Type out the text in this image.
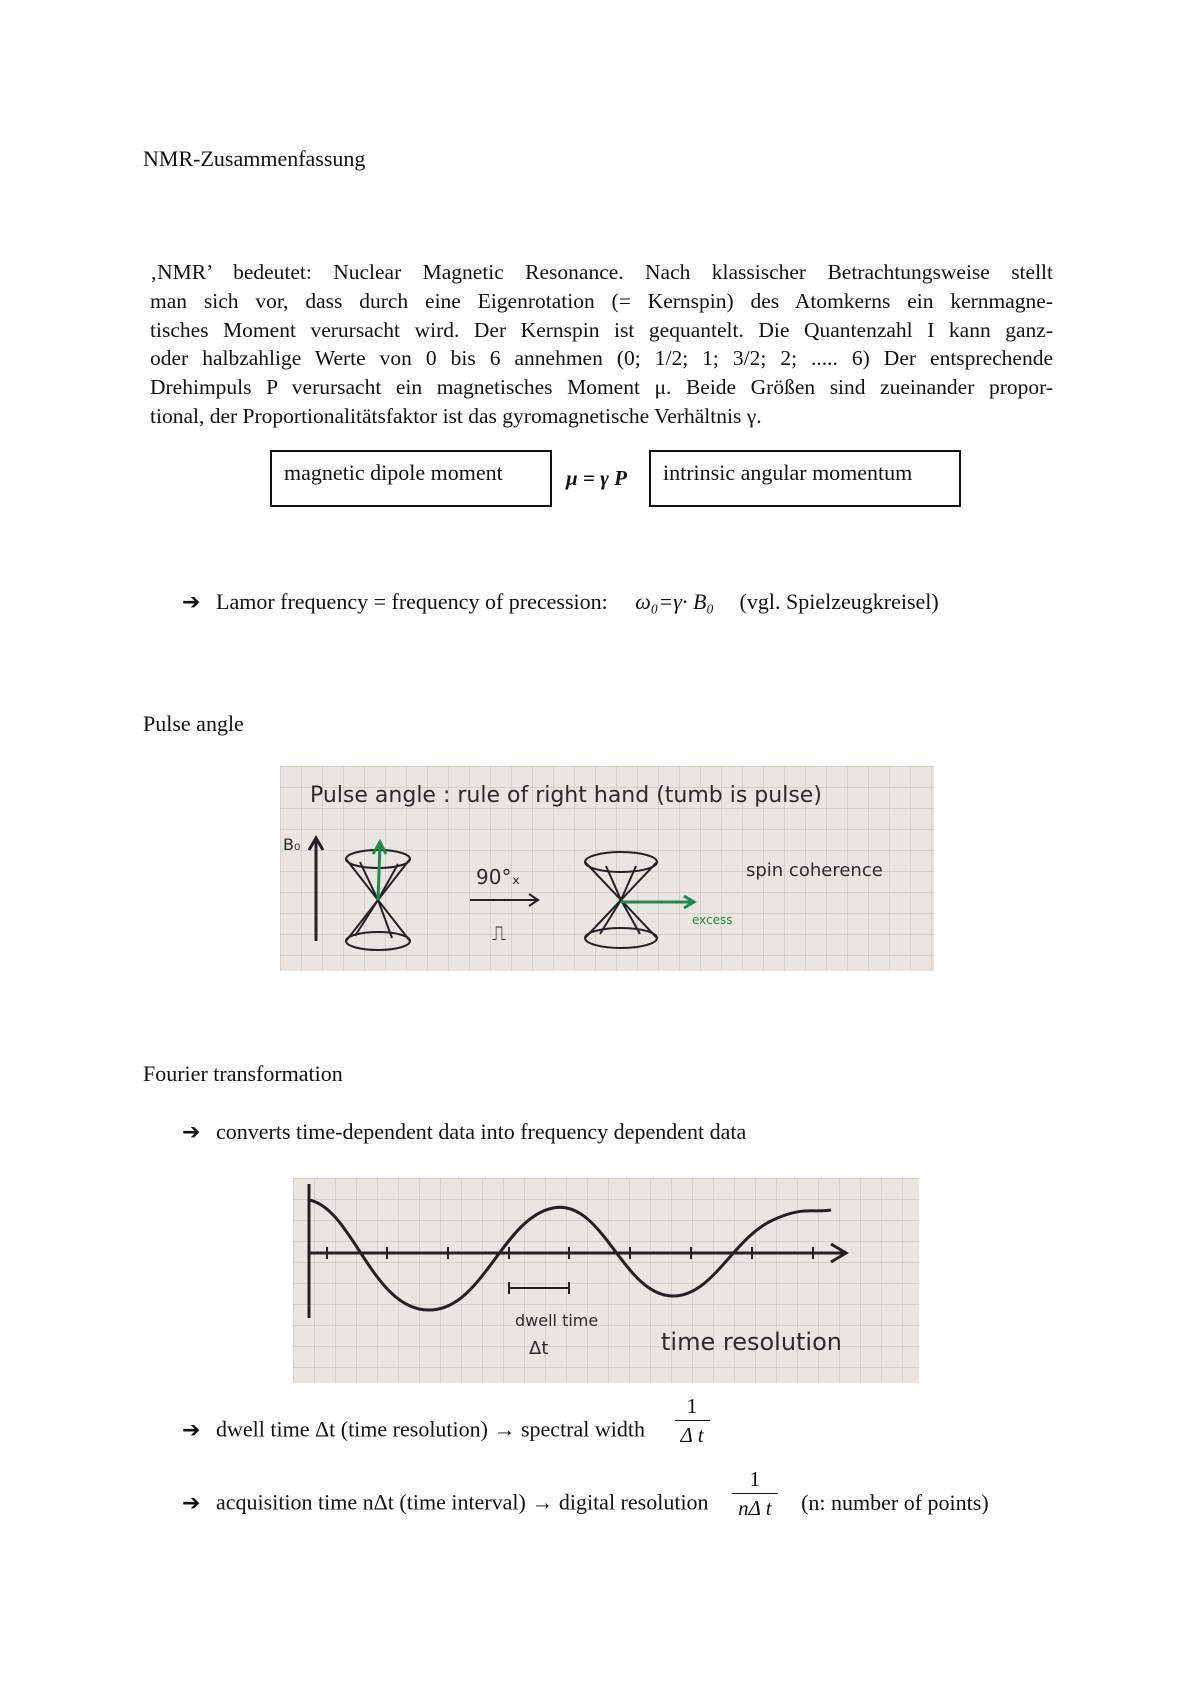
NMR-Zusammenfassung
‚NMR’ bedeutet: Nuclear Magnetic Resonance. Nach klassischer Betrachtungsweise stellt
man sich vor, dass durch eine Eigenrotation (= Kernspin) des Atomkerns ein kernmagne-
tisches Moment verursacht wird. Der Kernspin ist gequantelt. Die Quantenzahl I kann ganz-
oder halbzahlige Werte von 0 bis 6 annehmen (0; 1/2; 1; 3/2; 2; ..... 6) Der entsprechende
Drehimpuls P verursacht ein magnetisches Moment μ. Beide Größen sind zueinander propor-
tional, der Proportionalitätsfaktor ist das gyromagnetische Verhältnis γ.
magnetic dipole moment	μ = γ P	intrinsic angular momentum
➔ Lamor frequency = frequency of precession: ω₀=γ· B₀ (vgl. Spielzeugkreisel)
Pulse angle
Pulse angle : rule of right hand (tumb is pulse)
B₀
90°ₓ
⎍
excess
spin coherence
Fourier transformation
➔ converts time-dependent data into frequency dependent data
dwell time
Δt	time resolution
➔ dwell time Δt (time resolution) → spectral width $\frac{1}{\text{Δ t}}$
➔ acquisition time nΔt (time interval) → digital resolution $\frac{1}{\text{nΔ t}} (n$: number of points)
